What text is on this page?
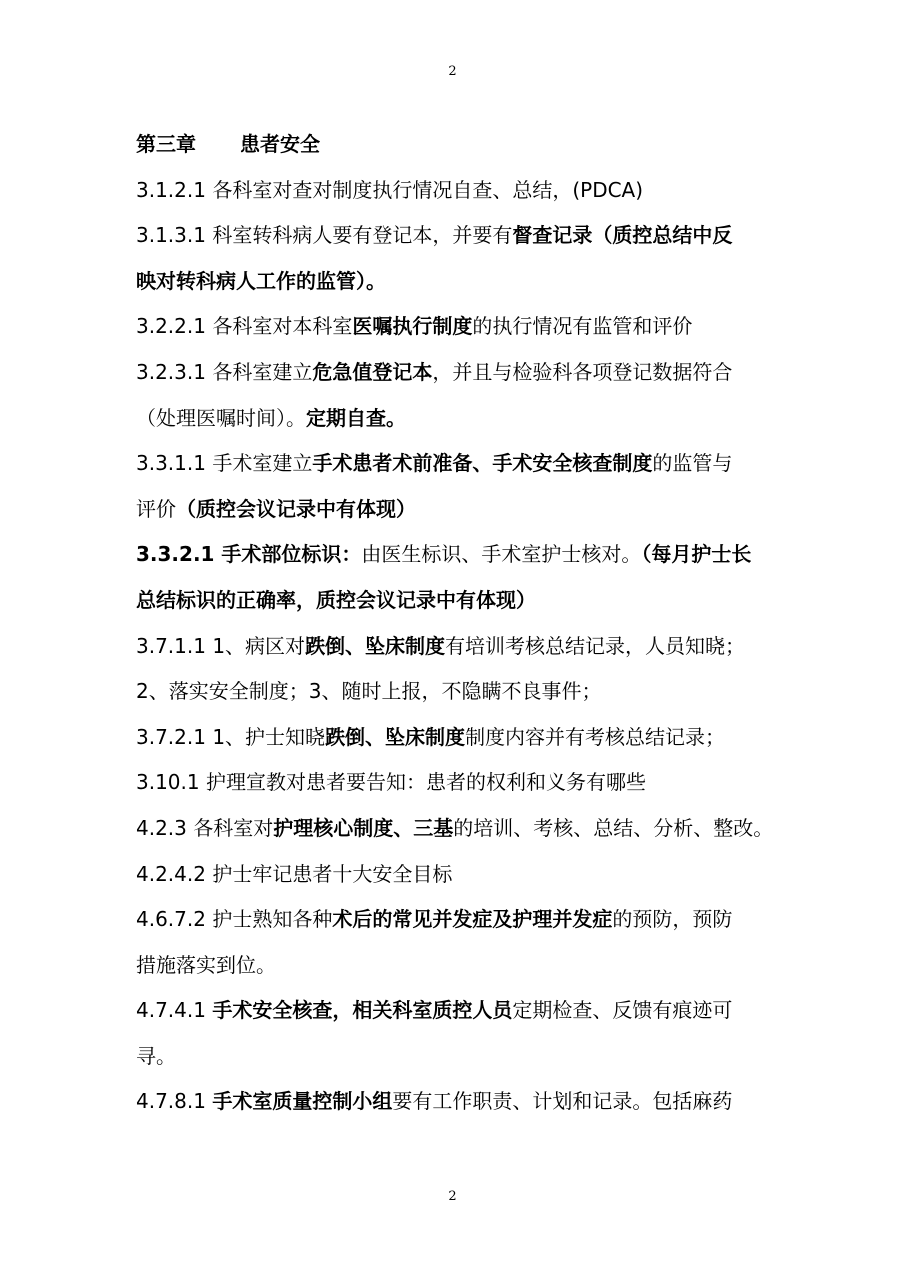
2
第三章 患者安全
3.1.2.1 各科室对查对制度执行情况自查、总结，(PDCA)
3.1.3.1 科室转科病人要有登记本，并要有督查记录（质控总结中反
映对转科病人工作的监管）。
3.2.2.1 各科室对本科室医嘱执行制度的执行情况有监管和评价
3.2.3.1 各科室建立危急值登记本，并且与检验科各项登记数据符合
（处理医嘱时间）。定期自查。
3.3.1.1 手术室建立手术患者术前准备、手术安全核查制度的监管与
评价（质控会议记录中有体现）
3.3.2.1 手术部位标识：由医生标识、手术室护士核对。（每月护士长
总结标识的正确率，质控会议记录中有体现）
3.7.1.1 1、病区对跌倒、坠床制度有培训考核总结记录，人员知晓；
2、落实安全制度；3、随时上报，不隐瞒不良事件；
3.7.2.1 1、护士知晓跌倒、坠床制度制度内容并有考核总结记录；
3.10.1 护理宣教对患者要告知：患者的权利和义务有哪些
4.2.3 各科室对护理核心制度、三基的培训、考核、总结、分析、整改。
4.2.4.2 护士牢记患者十大安全目标
4.6.7.2 护士熟知各种术后的常见并发症及护理并发症的预防，预防
措施落实到位。
4.7.4.1 手术安全核查，相关科室质控人员定期检查、反馈有痕迹可
寻。
4.7.8.1 手术室质量控制小组要有工作职责、计划和记录。包括麻药
2
